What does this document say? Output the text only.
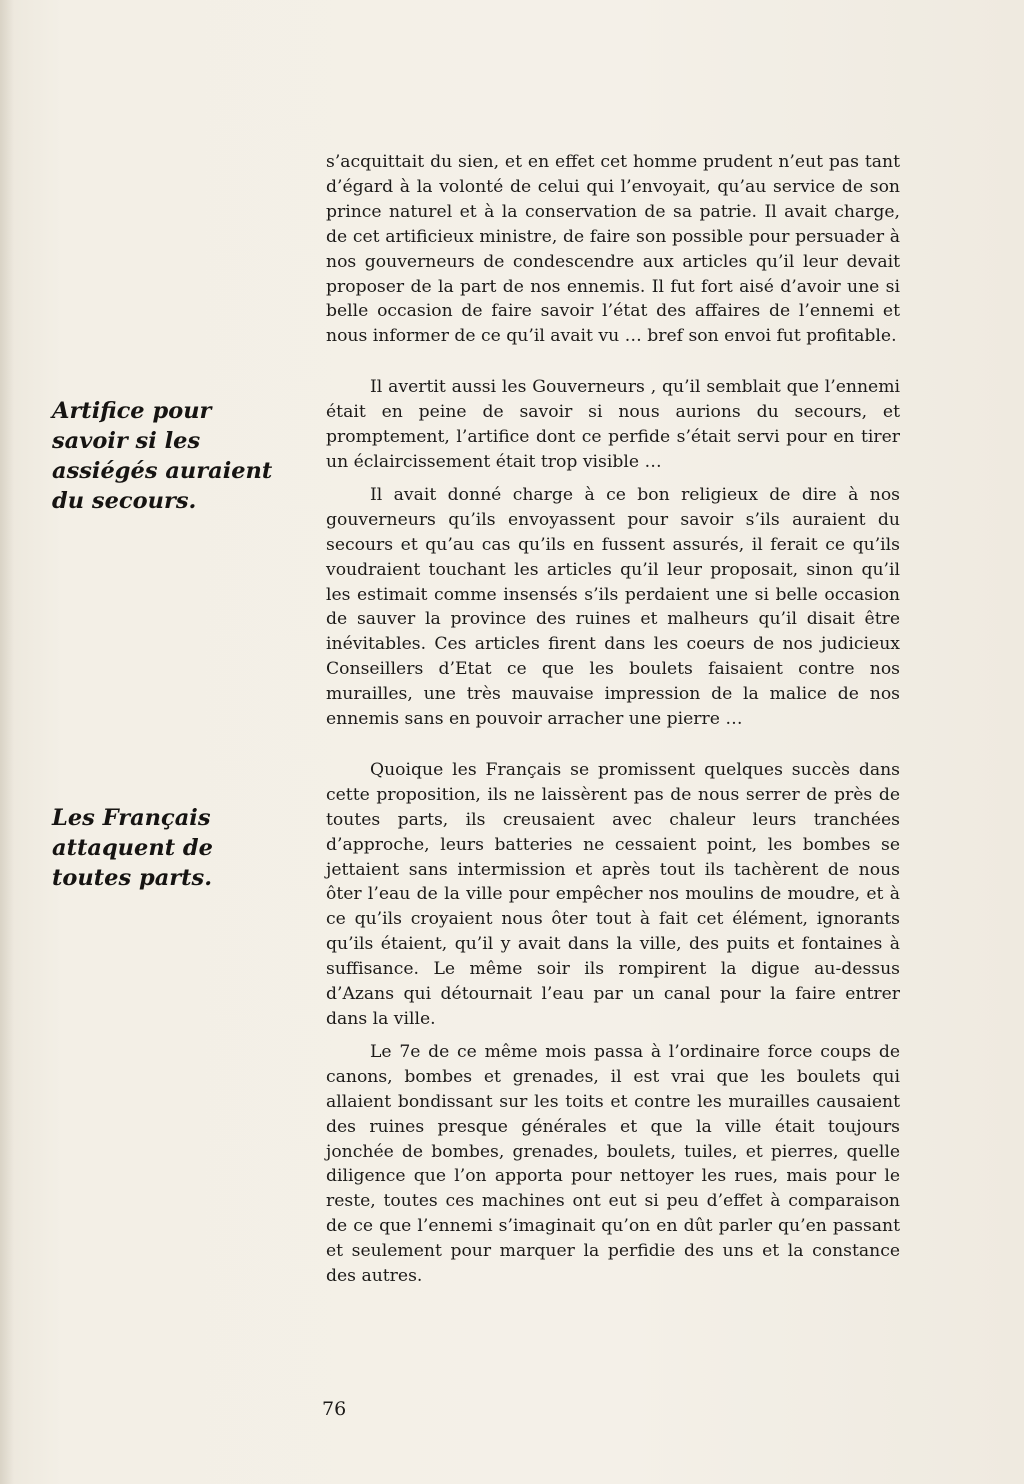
Artifice pour savoir si les assiégés auraient du secours.
Les Français attaquent de toutes parts.

s’acquittait du sien, et en effet cet homme prudent n’eut pas tant d’égard à la volonté de celui qui l’envoyait, qu’au service de son prince naturel et à la conservation de sa patrie. Il avait charge, de cet artificieux ministre, de faire son possible pour persuader à nos gouverneurs de condescendre aux articles qu’il leur devait proposer de la part de nos ennemis. Il fut fort aisé d’avoir une si belle occasion de faire savoir l’état des affaires de l’ennemi et nous informer de ce qu’il avait vu … bref son envoi fut profitable.

Il avertit aussi les Gouverneurs , qu’il semblait que l’ennemi était en peine de savoir si nous aurions du secours, et promptement, l’artifice dont ce perfide s’était servi pour en tirer un éclaircissement était trop visible …

Il avait donné charge à ce bon religieux de dire à nos gouverneurs qu’ils envoyassent pour savoir s’ils auraient du secours et qu’au cas qu’ils en fussent assurés, il ferait ce qu’ils voudraient touchant les articles qu’il leur proposait, sinon qu’il les estimait comme insensés s’ils perdaient une si belle occasion de sauver la province des ruines et malheurs qu’il disait être inévitables. Ces articles firent dans les coeurs de nos judicieux Conseillers d’Etat ce que les boulets faisaient contre nos murailles, une très mauvaise impression de la malice de nos ennemis sans en pouvoir arracher une pierre …

Quoique les Français se promissent quelques succès dans cette proposition, ils ne laissèrent pas de nous serrer de près de toutes parts, ils creusaient avec chaleur leurs tranchées d’approche, leurs batteries ne cessaient point, les bombes se jettaient sans intermission et après tout ils tachèrent de nous ôter l’eau de la ville pour empêcher nos moulins de moudre, et à ce qu’ils croyaient nous ôter tout à fait cet élément, ignorants qu’ils étaient, qu’il y avait dans la ville, des puits et fontaines à suffisance. Le même soir ils rompirent la digue au-dessus d’Azans qui détournait l’eau par un canal pour la faire entrer dans la ville.

Le 7e de ce même mois passa à l’ordinaire force coups de canons, bombes et grenades, il est vrai que les boulets qui allaient bondissant sur les toits et contre les murailles causaient des ruines presque générales et que la ville était toujours jonchée de bombes, grenades, boulets, tuiles, et pierres, quelle diligence que l’on apporta pour nettoyer les rues, mais pour le reste, toutes ces machines ont eut si peu d’effet à comparaison de ce que l’ennemi s’imaginait qu’on en dût parler qu’en passant et seulement pour marquer la perfidie des uns et la constance des autres.

76
